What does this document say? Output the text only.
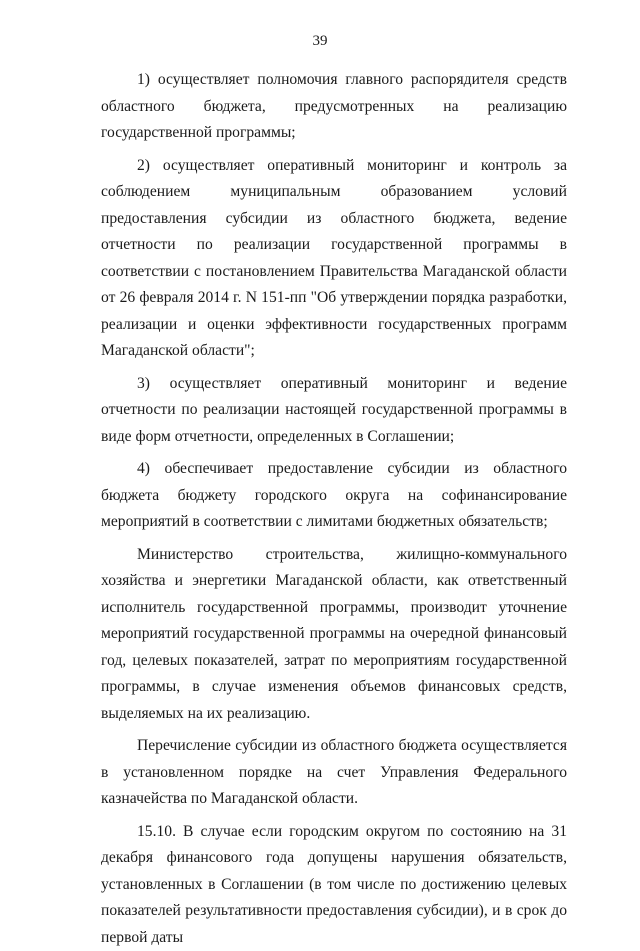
39

1) осуществляет полномочия главного распорядителя средств областного бюджета, предусмотренных на реализацию государственной программы;

2) осуществляет оперативный мониторинг и контроль за соблюдением муниципальным образованием условий предоставления субсидии из областного бюджета, ведение отчетности по реализации государственной программы в соответствии с постановлением Правительства Магаданской области от 26 февраля 2014 г. N 151-пп "Об утверждении порядка разработки, реализации и оценки эффективности государственных программ Магаданской области";

3) осуществляет оперативный мониторинг и ведение отчетности по реализации настоящей государственной программы в виде форм отчетности, определенных в Соглашении;

4) обеспечивает предоставление субсидии из областного бюджета бюджету городского округа на софинансирование мероприятий в соответствии с лимитами бюджетных обязательств;

Министерство строительства, жилищно-коммунального хозяйства и энергетики Магаданской области, как ответственный исполнитель государственной программы, производит уточнение мероприятий государственной программы на очередной финансовый год, целевых показателей, затрат по мероприятиям государственной программы, в случае изменения объемов финансовых средств, выделяемых на их реализацию.

Перечисление субсидии из областного бюджета осуществляется в установленном порядке на счет Управления Федерального казначейства по Магаданской области.

15.10. В случае если городским округом по состоянию на 31 декабря финансового года допущены нарушения обязательств, установленных в Соглашении (в том числе по достижению целевых показателей результативности предоставления субсидии), и в срок до первой даты
